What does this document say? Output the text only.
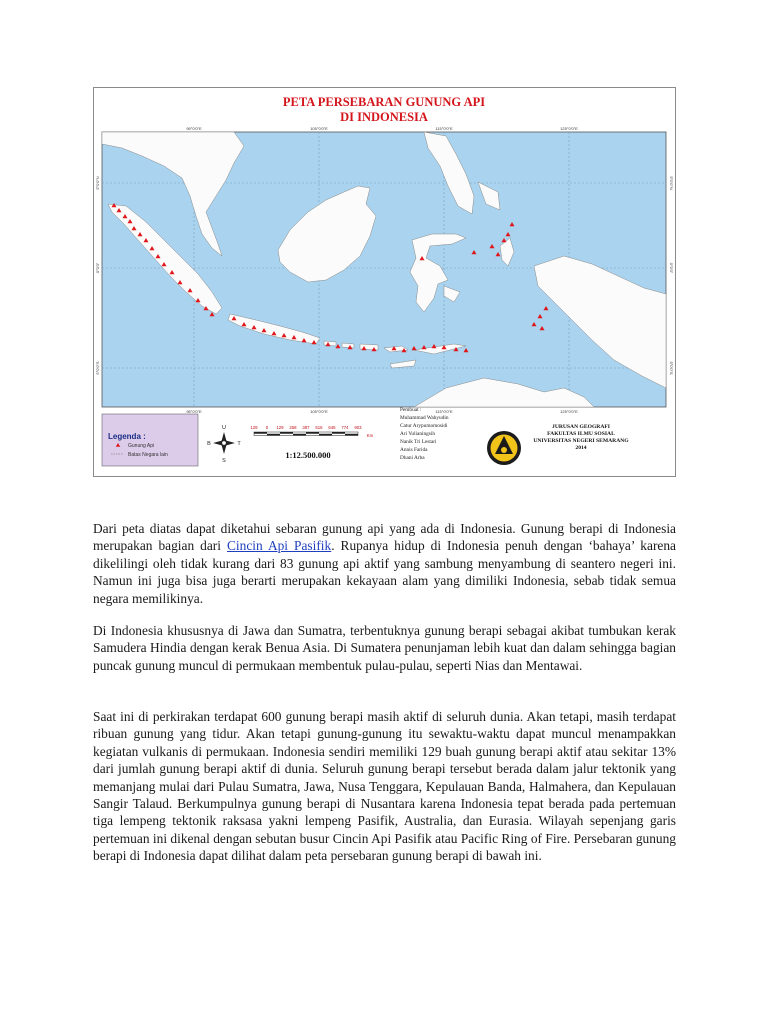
PETA PERSEBARAN GUNUNG API
DI INDONESIA
95°0'0"E	105°0'0"E	115°0'0"E	125°0'0"E
95°0'0"E	105°0'0"E	115°0'0"E	125°0'0"E
5°0'0"N
0°0'0"
5°0'0"S
5°0'0"N
0°0'0"
5°0'0"S
Legenda :
Gunung Api
Batas Negara lain
U
S
B	T
129 0 129 258 387 516 645 774 903
Km
1:12.500.000
Pembuat :
Muhammad Wahyudin
Catur Arypumomosidi
Ari Yulianingsih
Nanik Tri Lestari
Annis Farida
Dhani Arba
JURUSAN GEOGRAFI
FAKULTAS ILMU SOSIAL
UNIVERSITAS NEGERI SEMARANG
2014

Dari peta diatas dapat diketahui sebaran gunung api yang ada di Indonesia. Gunung berapi di Indonesia merupakan bagian dari Cincin Api Pasifik. Rupanya hidup di Indonesia penuh dengan ‘bahaya’ karena dikelilingi oleh tidak kurang dari 83 gunung api aktif yang sambung menyambung di seantero negeri ini. Namun ini juga bisa juga berarti merupakan kekayaan alam yang dimiliki Indonesia, sebab tidak semua negara memilikinya.

Di Indonesia khususnya di Jawa dan Sumatra, terbentuknya gunung berapi sebagai akibat tumbukan kerak Samudera Hindia dengan kerak Benua Asia. Di Sumatera penunjaman lebih kuat dan dalam sehingga bagian puncak gunung muncul di permukaan membentuk pulau-pulau, seperti Nias dan Mentawai.

Saat ini di perkirakan terdapat 600 gunung berapi masih aktif di seluruh dunia. Akan tetapi, masih terdapat ribuan gunung yang tidur. Akan tetapi gunung-gunung itu sewaktu-waktu dapat muncul menampakkan kegiatan vulkanis di permukaan. Indonesia sendiri memiliki 129 buah gunung berapi aktif atau sekitar 13% dari jumlah gunung berapi aktif di dunia. Seluruh gunung berapi tersebut berada dalam jalur tektonik yang memanjang mulai dari Pulau Sumatra, Jawa, Nusa Tenggara, Kepulauan Banda, Halmahera, dan Kepulauan Sangir Talaud. Berkumpulnya gunung berapi di Nusantara karena Indonesia tepat berada pada pertemuan tiga lempeng tektonik raksasa yakni lempeng Pasifik, Australia, dan Eurasia. Wilayah sepenjang garis pertemuan ini dikenal dengan sebutan busur Cincin Api Pasifik atau Pacific Ring of Fire. Persebaran gunung berapi di Indonesia dapat dilihat dalam peta persebaran gunung berapi di bawah ini.
